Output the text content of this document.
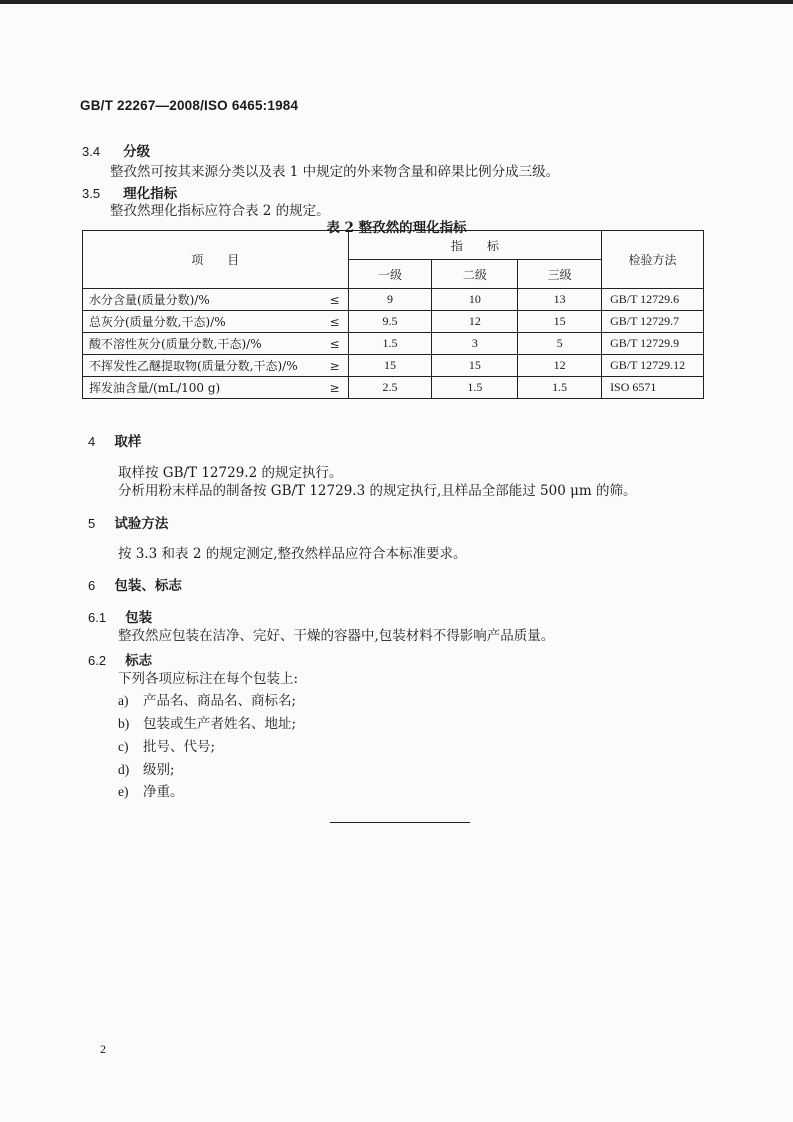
GB/T 22267—2008/ISO 6465:1984
3.4 分级
整孜然可按其来源分类以及表 1 中规定的外来物含量和碎果比例分成三级。
3.5 理化指标
整孜然理化指标应符合表 2 的规定。
表 2 整孜然的理化指标
项　　目	指　　标			检验方法
	一级	二级	三级	

水分含量(质量分数)/% ≤	9	10	13	GB/T 12729.6

总灰分(质量分数,干态)/% ≤	9.5	12	15	GB/T 12729.7

酸不溶性灰分(质量分数,干态)/% ≤	1.5	3	5	GB/T 12729.9

不挥发性乙醚提取物(质量分数,干态)/% ≥	15	15	12	GB/T 12729.12

挥发油含量/(mL/100 g) ≥	2.5	1.5	1.5	ISO 6571
4 取样
取样按 GB/T 12729.2 的规定执行。
分析用粉末样品的制备按 GB/T 12729.3 的规定执行,且样品全部能过 500 μm 的筛。
5 试验方法
按 3.3 和表 2 的规定测定,整孜然样品应符合本标准要求。
6 包装、标志
6.1 包装
整孜然应包装在洁净、完好、干燥的容器中,包装材料不得影响产品质量。
6.2 标志
下列各项应标注在每个包装上:
a) 产品名、商品名、商标名;
b) 包装或生产者姓名、地址;
c) 批号、代号;
d) 级别;
e) 净重。
2
